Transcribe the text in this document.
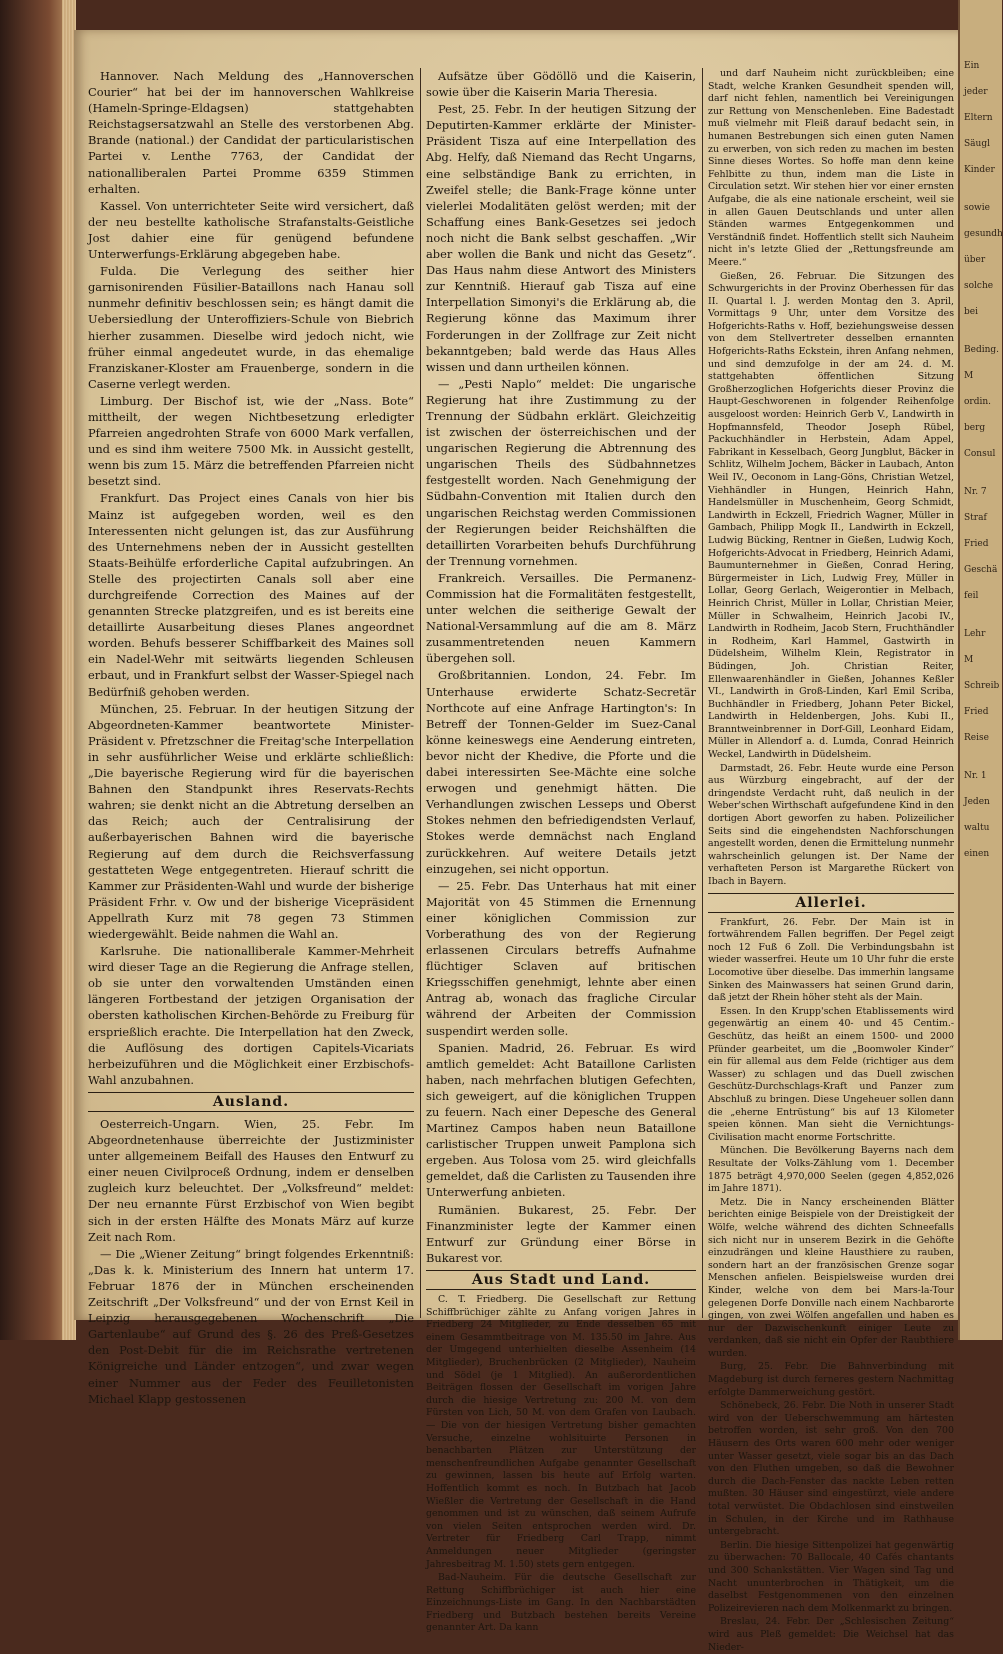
Hannover. Nach Meldung des „Hannoverschen Courier“ hat bei der im hannoverschen Wahlkreise (Hameln-Springe-Eldagsen) stattgehabten Reichstagsersatzwahl an Stelle des verstorbenen Abg. Brande (national.) der Candidat der particularistischen Partei v. Lenthe 7763, der Candidat der nationalliberalen Partei Promme 6359 Stimmen erhalten.

Kassel. Von unterrichteter Seite wird versichert, daß der neu bestellte katholische Strafanstalts-Geistliche Jost dahier eine für genügend befundene Unterwerfungs-Erklärung abgegeben habe.

Fulda. Die Verlegung des seither hier garnisonirenden Füsilier-Bataillons nach Hanau soll nunmehr definitiv beschlossen sein; es hängt damit die Uebersiedlung der Unteroffiziers-Schule von Biebrich hierher zusammen. Dieselbe wird jedoch nicht, wie früher einmal angedeutet wurde, in das ehemalige Franziskaner-Kloster am Frauenberge, sondern in die Caserne verlegt werden.

Limburg. Der Bischof ist, wie der „Nass. Bote“ mittheilt, der wegen Nichtbesetzung erledigter Pfarreien angedrohten Strafe von 6000 Mark verfallen, und es sind ihm weitere 7500 Mk. in Aussicht gestellt, wenn bis zum 15. März die betreffenden Pfarreien nicht besetzt sind.

Frankfurt. Das Project eines Canals von hier bis Mainz ist aufgegeben worden, weil es den Interessenten nicht gelungen ist, das zur Ausführung des Unternehmens neben der in Aussicht gestellten Staats-Beihülfe erforderliche Capital aufzubringen. An Stelle des projectirten Canals soll aber eine durchgreifende Correction des Maines auf der genannten Strecke platzgreifen, und es ist bereits eine detaillirte Ausarbeitung dieses Planes angeordnet worden. Behufs besserer Schiffbarkeit des Maines soll ein Nadel-Wehr mit seitwärts liegenden Schleusen erbaut, und in Frankfurt selbst der Wasser-Spiegel nach Bedürfniß gehoben werden.

München, 25. Februar. In der heutigen Sitzung der Abgeordneten-Kammer beantwortete Minister-Präsident v. Pfretzschner die Freitag'sche Interpellation in sehr ausführlicher Weise und erklärte schließlich: „Die bayerische Regierung wird für die bayerischen Bahnen den Standpunkt ihres Reservats-Rechts wahren; sie denkt nicht an die Abtretung derselben an das Reich; auch der Centralisirung der außerbayerischen Bahnen wird die bayerische Regierung auf dem durch die Reichsverfassung gestatteten Wege entgegentreten. Hierauf schritt die Kammer zur Präsidenten-Wahl und wurde der bisherige Präsident Frhr. v. Ow und der bisherige Vicepräsident Appellrath Kurz mit 78 gegen 73 Stimmen wiedergewählt. Beide nahmen die Wahl an.

Karlsruhe. Die nationalliberale Kammer-Mehrheit wird dieser Tage an die Regierung die Anfrage stellen, ob sie unter den vorwaltenden Umständen einen längeren Fortbestand der jetzigen Organisation der obersten katholischen Kirchen-Behörde zu Freiburg für ersprießlich erachte. Die Interpellation hat den Zweck, die Auflösung des dortigen Capitels-Vicariats herbeizuführen und die Möglichkeit einer Erzbischofs-Wahl anzubahnen.

Ausland.

Oesterreich-Ungarn. Wien, 25. Febr. Im Abgeordnetenhause überreichte der Justizminister unter allgemeinem Beifall des Hauses den Entwurf zu einer neuen Civilproceß Ordnung, indem er denselben zugleich kurz beleuchtet. Der „Volksfreund“ meldet: Der neu ernannte Fürst Erzbischof von Wien begibt sich in der ersten Hälfte des Monats März auf kurze Zeit nach Rom.

— Die „Wiener Zeitung“ bringt folgendes Erkenntniß: „Das k. k. Ministerium des Innern hat unterm 17. Februar 1876 der in München erscheinenden Zeitschrift „Der Volksfreund“ und der von Ernst Keil in Leipzig herausgegebenen Wochenschrift „Die Gartenlaube“ auf Grund des §. 26 des Preß-Gesetzes den Post-Debit für die im Reichsrathe vertretenen Königreiche und Länder entzogen“, und zwar wegen einer Nummer aus der Feder des Feuilletonisten Michael Klapp gestossenen

Aufsätze über Gödöllö und die Kaiserin, sowie über die Kaiserin Maria Theresia.

Pest, 25. Febr. In der heutigen Sitzung der Deputirten-Kammer erklärte der Minister-Präsident Tisza auf eine Interpellation des Abg. Helfy, daß Niemand das Recht Ungarns, eine selbständige Bank zu errichten, in Zweifel stelle; die Bank-Frage könne unter vielerlei Modalitäten gelöst werden; mit der Schaffung eines Bank-Gesetzes sei jedoch noch nicht die Bank selbst geschaffen. „Wir aber wollen die Bank und nicht das Gesetz“. Das Haus nahm diese Antwort des Ministers zur Kenntniß. Hierauf gab Tisza auf eine Interpellation Simonyi's die Erklärung ab, die Regierung könne das Maximum ihrer Forderungen in der Zollfrage zur Zeit nicht bekanntgeben; bald werde das Haus Alles wissen und dann urtheilen können.

— „Pesti Naplo“ meldet: Die ungarische Regierung hat ihre Zustimmung zu der Trennung der Südbahn erklärt. Gleichzeitig ist zwischen der österreichischen und der ungarischen Regierung die Abtrennung des ungarischen Theils des Südbahnnetzes festgestellt worden. Nach Genehmigung der Südbahn-Convention mit Italien durch den ungarischen Reichstag werden Commissionen der Regierungen beider Reichshälften die detaillirten Vorarbeiten behufs Durchführung der Trennung vornehmen.

Frankreich. Versailles. Die Permanenz-Commission hat die Formalitäten festgestellt, unter welchen die seitherige Gewalt der National-Versammlung auf die am 8. März zusammentretenden neuen Kammern übergehen soll.

Großbritannien. London, 24. Febr. Im Unterhause erwiderte Schatz-Secretär Northcote auf eine Anfrage Hartington's: In Betreff der Tonnen-Gelder im Suez-Canal könne keineswegs eine Aenderung eintreten, bevor nicht der Khedive, die Pforte und die dabei interessirten See-Mächte eine solche erwogen und genehmigt hätten. Die Verhandlungen zwischen Lesseps und Oberst Stokes nehmen den befriedigendsten Verlauf, Stokes werde demnächst nach England zurückkehren. Auf weitere Details jetzt einzugehen, sei nicht opportun.

— 25. Febr. Das Unterhaus hat mit einer Majorität von 45 Stimmen die Ernennung einer königlichen Commission zur Vorberathung des von der Regierung erlassenen Circulars betreffs Aufnahme flüchtiger Sclaven auf britischen Kriegsschiffen genehmigt, lehnte aber einen Antrag ab, wonach das fragliche Circular während der Arbeiten der Commission suspendirt werden solle.

Spanien. Madrid, 26. Februar. Es wird amtlich gemeldet: Acht Bataillone Carlisten haben, nach mehrfachen blutigen Gefechten, sich geweigert, auf die königlichen Truppen zu feuern. Nach einer Depesche des General Martinez Campos haben neun Bataillone carlistischer Truppen unweit Pamplona sich ergeben. Aus Tolosa vom 25. wird gleichfalls gemeldet, daß die Carlisten zu Tausenden ihre Unterwerfung anbieten.

Rumänien. Bukarest, 25. Febr. Der Finanzminister legte der Kammer einen Entwurf zur Gründung einer Börse in Bukarest vor.

Aus Stadt und Land.

C. T. Friedberg. Die Gesellschaft zur Rettung Schiffbrüchiger zählte zu Anfang vorigen Jahres in Friedberg 24 Mitglieder, zu Ende desselben 65 mit einem Gesammtbeitrage von M. 135.50 im Jahre. Aus der Umgegend unterhielten dieselbe Assenheim (14 Mitglieder), Bruchenbrücken (2 Mitglieder), Nauheim und Södel (je 1 Mitglied). An außerordentlichen Beiträgen flossen der Gesellschaft im vorigen Jahre durch die hiesige Vertretung zu: 200 M. von dem Fürsten von Lich, 50 M. von dem Grafen von Laubach. — Die von der hiesigen Vertretung bisher gemachten Versuche, einzelne wohlsituirte Personen in benachbarten Plätzen zur Unterstützung der menschenfreundlichen Aufgabe genannter Gesellschaft zu gewinnen, lassen bis heute auf Erfolg warten. Hoffentlich kommt es noch. In Butzbach hat Jacob Wießler die Vertretung der Gesellschaft in die Hand genommen und ist zu wünschen, daß seinem Aufrufe von vielen Seiten entsprochen werden wird. Dr. Vertreter für Friedberg Carl Trapp, nimmt Anmeldungen neuer Mitglieder (geringster Jahresbeitrag M. 1.50) stets gern entgegen.

Bad-Nauheim. Für die deutsche Gesellschaft zur Rettung Schiffbrüchiger ist auch hier eine Einzeichnungs-Liste im Gang. In den Nachbarstädten Friedberg und Butzbach bestehen bereits Vereine genannter Art. Da kann

und darf Nauheim nicht zurückbleiben; eine Stadt, welche Kranken Gesundheit spenden will, darf nicht fehlen, namentlich bei Vereinigungen zur Rettung von Menschenleben. Eine Badestadt muß vielmehr mit Fleiß darauf bedacht sein, in humanen Bestrebungen sich einen guten Namen zu erwerben, von sich reden zu machen im besten Sinne dieses Wortes. So hoffe man denn keine Fehlbitte zu thun, indem man die Liste in Circulation setzt. Wir stehen hier vor einer ernsten Aufgabe, die als eine nationale erscheint, weil sie in allen Gauen Deutschlands und unter allen Ständen warmes Entgegenkommen und Verständniß findet. Hoffentlich stellt sich Nauheim nicht in's letzte Glied der „Rettungsfreunde am Meere.“

Gießen, 26. Februar. Die Sitzungen des Schwurgerichts in der Provinz Oberhessen für das II. Quartal l. J. werden Montag den 3. April, Vormittags 9 Uhr, unter dem Vorsitze des Hofgerichts-Raths v. Hoff, beziehungsweise dessen von dem Stellvertreter desselben ernannten Hofgerichts-Raths Eckstein, ihren Anfang nehmen, und sind demzufolge in der am 24. d. M. stattgehabten öffentlichen Sitzung Großherzoglichen Hofgerichts dieser Provinz die Haupt-Geschworenen in folgender Reihenfolge ausgeloost worden: Heinrich Gerb V., Landwirth in Hopfmannsfeld, Theodor Joseph Rübel, Packuchhändler in Herbstein, Adam Appel, Fabrikant in Kesselbach, Georg Jungblut, Bäcker in Schlitz, Wilhelm Jochem, Bäcker in Laubach, Anton Weil IV., Oeconom in Lang-Göns, Christian Wetzel, Viehhändler in Hungen, Heinrich Hahn, Handelsmüller in Muschenheim, Georg Schmidt, Landwirth in Eckzell, Friedrich Wagner, Müller in Gambach, Philipp Mogk II., Landwirth in Eckzell, Ludwig Bücking, Rentner in Gießen, Ludwig Koch, Hofgerichts-Advocat in Friedberg, Heinrich Adami, Baumunternehmer in Gießen, Conrad Hering, Bürgermeister in Lich, Ludwig Frey, Müller in Lollar, Georg Gerlach, Weigerontier in Melbach, Heinrich Christ, Müller in Lollar, Christian Meier, Müller in Schwalheim, Heinrich Jacobi IV., Landwirth in Rodheim, Jacob Stern, Fruchthändler in Rodheim, Karl Hammel, Gastwirth in Düdelsheim, Wilhelm Klein, Registrator in Büdingen, Joh. Christian Reiter, Ellenwaarenhändler in Gießen, Johannes Keßler VI., Landwirth in Groß-Linden, Karl Emil Scriba, Buchhändler in Friedberg, Johann Peter Bickel, Landwirth in Heldenbergen, Johs. Kubi II., Branntweinbrenner in Dorf-Gill, Leonhard Eidam, Müller in Allendorf a. d. Lumda, Conrad Heinrich Weckel, Landwirth in Düdelsheim.

Darmstadt, 26. Febr. Heute wurde eine Person aus Würzburg eingebracht, auf der der dringendste Verdacht ruht, daß neulich in der Weber'schen Wirthschaft aufgefundene Kind in den dortigen Abort geworfen zu haben. Polizeilicher Seits sind die eingehendsten Nachforschungen angestellt worden, denen die Ermittelung nunmehr wahrscheinlich gelungen ist. Der Name der verhafteten Person ist Margarethe Rückert von Ibach in Bayern.

Allerlei.

Frankfurt, 26. Febr. Der Main ist in fortwährendem Fallen begriffen. Der Pegel zeigt noch 12 Fuß 6 Zoll. Die Verbindungsbahn ist wieder wasserfrei. Heute um 10 Uhr fuhr die erste Locomotive über dieselbe. Das immerhin langsame Sinken des Mainwassers hat seinen Grund darin, daß jetzt der Rhein höher steht als der Main.

Essen. In den Krupp'schen Etablissements wird gegenwärtig an einem 40- und 45 Centim.-Geschütz, das heißt an einem 1500- und 2000 Pfünder gearbeitet, um die „Boomwoler Kinder“ ein für allemal aus dem Felde (richtiger aus dem Wasser) zu schlagen und das Duell zwischen Geschütz-Durchschlags-Kraft und Panzer zum Abschluß zu bringen. Diese Ungeheuer sollen dann die „eherne Entrüstung“ bis auf 13 Kilometer speien können. Man sieht die Vernichtungs-Civilisation macht enorme Fortschritte.

München. Die Bevölkerung Bayerns nach dem Resultate der Volks-Zählung vom 1. December 1875 beträgt 4,970,000 Seelen (gegen 4,852,026 im Jahre 1871).

Metz. Die in Nancy erscheinenden Blätter berichten einige Beispiele von der Dreistigkeit der Wölfe, welche während des dichten Schneefalls sich nicht nur in unserem Bezirk in die Gehöfte einzudrängen und kleine Hausthiere zu rauben, sondern hart an der französischen Grenze sogar Menschen anfielen. Beispielsweise wurden drei Kinder, welche von dem bei Mars-la-Tour gelegenen Dorfe Donville nach einem Nachbarorte gingen, von zwei Wölfen angefallen und haben es nur der Dazwischenkunft einiger Leute zu verdanken, daß sie nicht ein Opfer der Raubthiere wurden.

Burg, 25. Febr. Die Bahnverbindung mit Magdeburg ist durch ferneres gestern Nachmittag erfolgte Dammerweichung gestört.

Schönebeck, 26. Febr. Die Noth in unserer Stadt wird von der Ueberschwemmung am härtesten betroffen worden, ist sehr groß. Von den 700 Häusern des Orts waren 600 mehr oder weniger unter Wasser gesetzt, viele sogar bis an das Dach von den Fluthen umgeben, so daß die Bewohner durch die Dach-Fenster das nackte Leben retten mußten. 30 Häuser sind eingestürzt, viele andere total verwüstet. Die Obdachlosen sind einstweilen in Schulen, in der Kirche und im Rathhause untergebracht.

Berlin. Die hiesige Sittenpolizei hat gegenwärtig zu überwachen: 70 Ballocale, 40 Cafés chantants und 300 Schankstätten. Vier Wagen sind Tag und Nacht ununterbrochen in Thätigkeit, um die daselbst Festgenommenen von den einzelnen Polizeirevieren nach dem Molkenmarkt zu bringen.

Breslau, 24. Febr. Der „Schlesischen Zeitung“ wird aus Pleß gemeldet: Die Weichsel hat das Nieder-

Ein
jeder
Eltern
Säugl
Kinder
sowie
gesundh
über
solche
bei
Beding.
M
ordin.
berg
Consul
Nr. 7
Straf
Fried
Geschä
feil
Lehr
M
Schreib
Fried
Reise
Nr. 1
Jeden
waltu
einen
